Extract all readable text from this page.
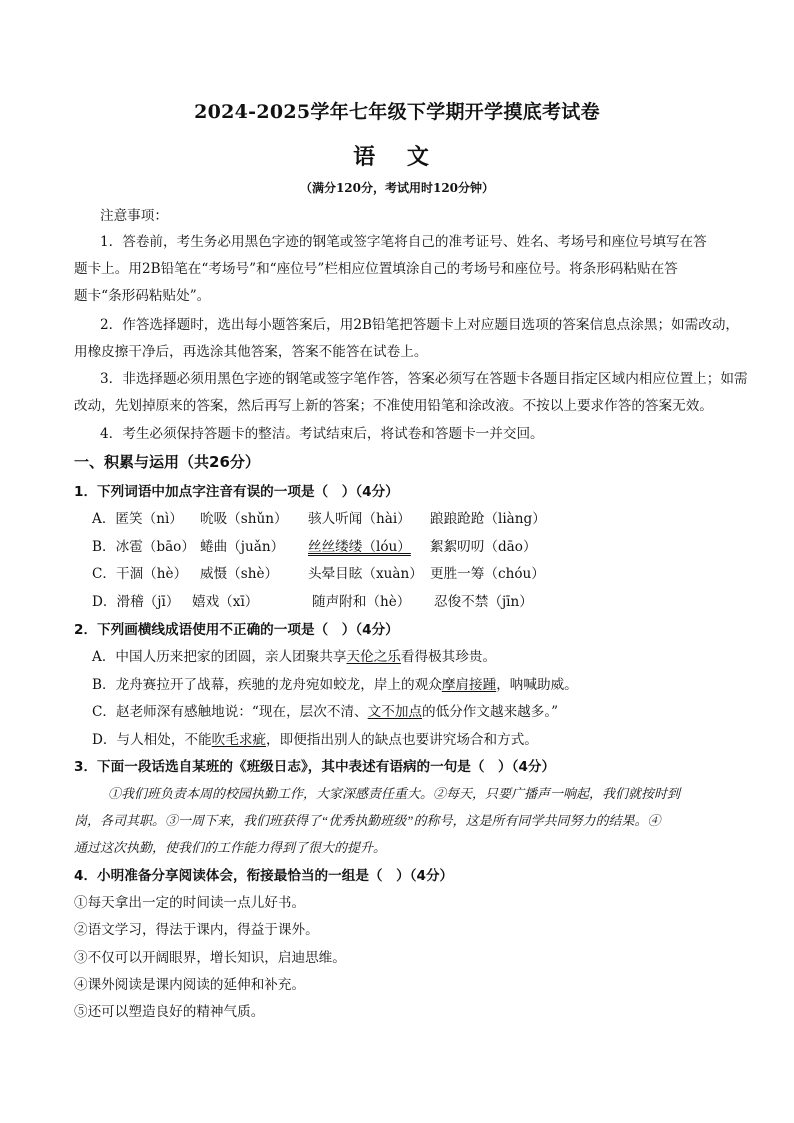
2024-2025学年七年级下学期开学摸底考试卷
语 文
（满分120分，考试用时120分钟）
注意事项：
1．答卷前，考生务必用黑色字迹的钢笔或签字笔将自己的准考证号、姓名、考场号和座位号填写在答
题卡上。用2B铅笔在“考场号”和“座位号”栏相应位置填涂自己的考场号和座位号。将条形码粘贴在答
题卡“条形码粘贴处”。
2．作答选择题时，选出每小题答案后，用2B铅笔把答题卡上对应题目选项的答案信息点涂黑；如需改动，
用橡皮擦干净后，再选涂其他答案，答案不能答在试卷上。
3．非选择题必须用黑色字迹的钢笔或签字笔作答，答案必须写在答题卡各题目指定区域内相应位置上；如需
改动，先划掉原来的答案，然后再写上新的答案；不准使用铅笔和涂改液。不按以上要求作答的答案无效。
4．考生必须保持答题卡的整洁。考试结束后，将试卷和答题卡一并交回。
一、积累与运用（共26分）
1．下列词语中加点字注音有误的一项是（　）（4分）
A．匿笑（nì） 吮吸（shǔn） 骇人听闻（hài） 踉踉跄跄（liàng）
B．冰雹（bāo） 蜷曲（juǎn） 丝丝缕缕（lóu） 絮絮叨叨（dāo）
C．干涸（hè） 威慑（shè） 头晕目眩（xuàn） 更胜一筹（chóu）
D．滑稽（jī） 嬉戏（xī）	随声附和（hè） 忍俊不禁（jīn）
2．下列画横线成语使用不正确的一项是（　）（4分）
A．中国人历来把家的团圆，亲人团聚共享天伦之乐看得极其珍贵。
B．龙舟赛拉开了战幕，疾驰的龙舟宛如蛟龙，岸上的观众摩肩接踵，呐喊助威。
C．赵老师深有感触地说：“现在，层次不清、文不加点的低分作文越来越多。”
D．与人相处，不能吹毛求疵，即便指出别人的缺点也要讲究场合和方式。
3．下面一段话选自某班的《班级日志》，其中表述有语病的一句是（　）（4分）
①我们班负责本周的校园执勤工作，大家深感责任重大。②每天，只要广播声一响起，我们就按时到
岗，各司其职。③一周下来，我们班获得了“优秀执勤班级”的称号，这是所有同学共同努力的结果。④
通过这次执勤，使我们的工作能力得到了很大的提升。
4．小明准备分享阅读体会，衔接最恰当的一组是（　）（4分）
①每天拿出一定的时间读一点儿好书。
②语文学习，得法于课内，得益于课外。
③不仅可以开阔眼界，增长知识，启迪思维。
④课外阅读是课内阅读的延伸和补充。
⑤还可以塑造良好的精神气质。
